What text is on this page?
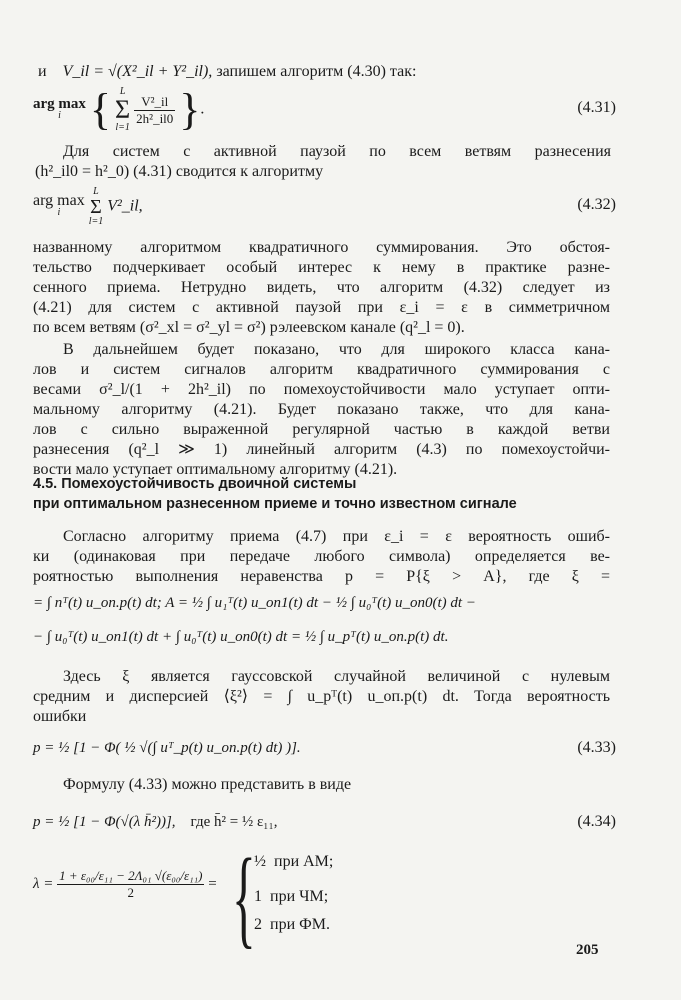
и V_il = √(X²_il + Y²_il), запишем алгоритм (4.30) так:
arg max
i { L
Σ
l=1

$\frac{\text{V²\_il}}{\text{2h²\_il0}}$ }.	(4.31)
Для систем с активной паузой по всем ветвям разнесения
(h²_il0 = h²_0) (4.31) сводится к алгоритму
arg max
i

L
Σ
l=1
V²_il,	(4.32)
названному алгоритмом квадратичного суммирования. Это обстоя-
тельство подчеркивает особый интерес к нему в практике разне-
сенного приема. Нетрудно видеть, что алгоритм (4.32) следует из
(4.21) для систем с активной паузой при ε_i = ε в симметричном
по всем ветвям (σ²_xl = σ²_yl = σ²) рэлеевском канале (q²_l = 0).
В дальнейшем будет показано, что для широкого класса кана-
лов и систем сигналов алгоритм квадратичного суммирования с
весами σ²_l/(1 + 2h²_il) по помехоустойчивости мало уступает опти-
мальному алгоритму (4.21). Будет показано также, что для кана-
лов с сильно выраженной регулярной частью в каждой ветви
разнесения (q²_l ≫ 1) линейный алгоритм (4.3) по помехоустойчи-
вости мало уступает оптимальному алгоритму (4.21).
4.5. Помехоустойчивость двоичной системы
при оптимальном разнесенном приеме и точно известном сигнале
Согласно алгоритму приема (4.7) при ε_i = ε вероятность ошиб-
ки (одинаковая при передаче любого символа) определяется ве-
роятностью выполнения неравенства p = P{ξ > A}, где ξ =
= ∫ nᵀ(t) u_оп.р(t) dt; A = ½ ∫ u₁ᵀ(t) u_оп1(t) dt − ½ ∫ u₀ᵀ(t) u_оп0(t) dt −
− ∫ u₀ᵀ(t) u_оп1(t) dt + ∫ u₀ᵀ(t) u_оп0(t) dt = ½ ∫ u_pᵀ(t) u_оп.р(t) dt.
Здесь ξ является гауссовской случайной величиной с нулевым
средним и дисперсией ⟨ξ²⟩ = ∫ u_pᵀ(t) u_оп.р(t) dt. Тогда вероятность
ошибки
p = ½ [1 − Φ( ½ √(∫ uᵀ_p(t) u_оп.р(t) dt) )].	(4.33)
Формулу (4.33) можно представить в виде
p = ½ [1 − Φ(√(λ h̄²))], где h̄² = ½ ε₁₁,	(4.34)
$\lambda = \frac{\text{1 + ε₀₀/ε₁₁ − 2Λ₀₁ √(ε₀₀/ε₁₁)}}{2}$ = {
½ при АМ;
1 при ЧМ;
2 при ФМ.
205
